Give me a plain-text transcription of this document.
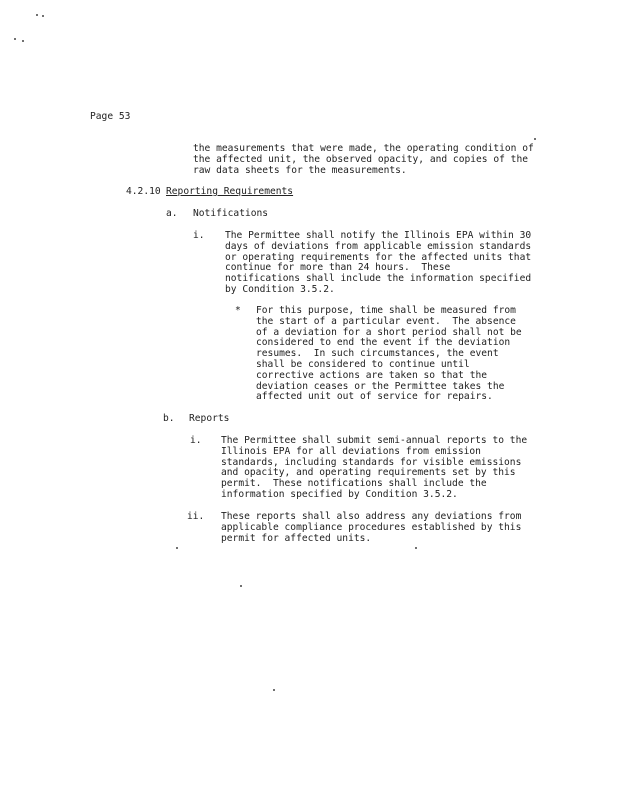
Page 53
the measurements that were made, the operating condition of
the affected unit, the observed opacity, and copies of the
raw data sheets for the measurements.
4.2.10 Reporting Requirements
a. Notifications
i. The Permittee shall notify the Illinois EPA within 30
days of deviations from applicable emission standards
or operating requirements for the affected units that
continue for more than 24 hours.  These
notifications shall include the information specified
by Condition 3.5.2.
* For this purpose, time shall be measured from
the start of a particular event.  The absence
of a deviation for a short period shall not be
considered to end the event if the deviation
resumes.  In such circumstances, the event
shall be considered to continue until
corrective actions are taken so that the
deviation ceases or the Permittee takes the
affected unit out of service for repairs.
b. Reports
i. The Permittee shall submit semi-annual reports to the
Illinois EPA for all deviations from emission
standards, including standards for visible emissions
and opacity, and operating requirements set by this
permit.  These notifications shall include the
information specified by Condition 3.5.2.
ii. These reports shall also address any deviations from
applicable compliance procedures established by this
permit for affected units.
